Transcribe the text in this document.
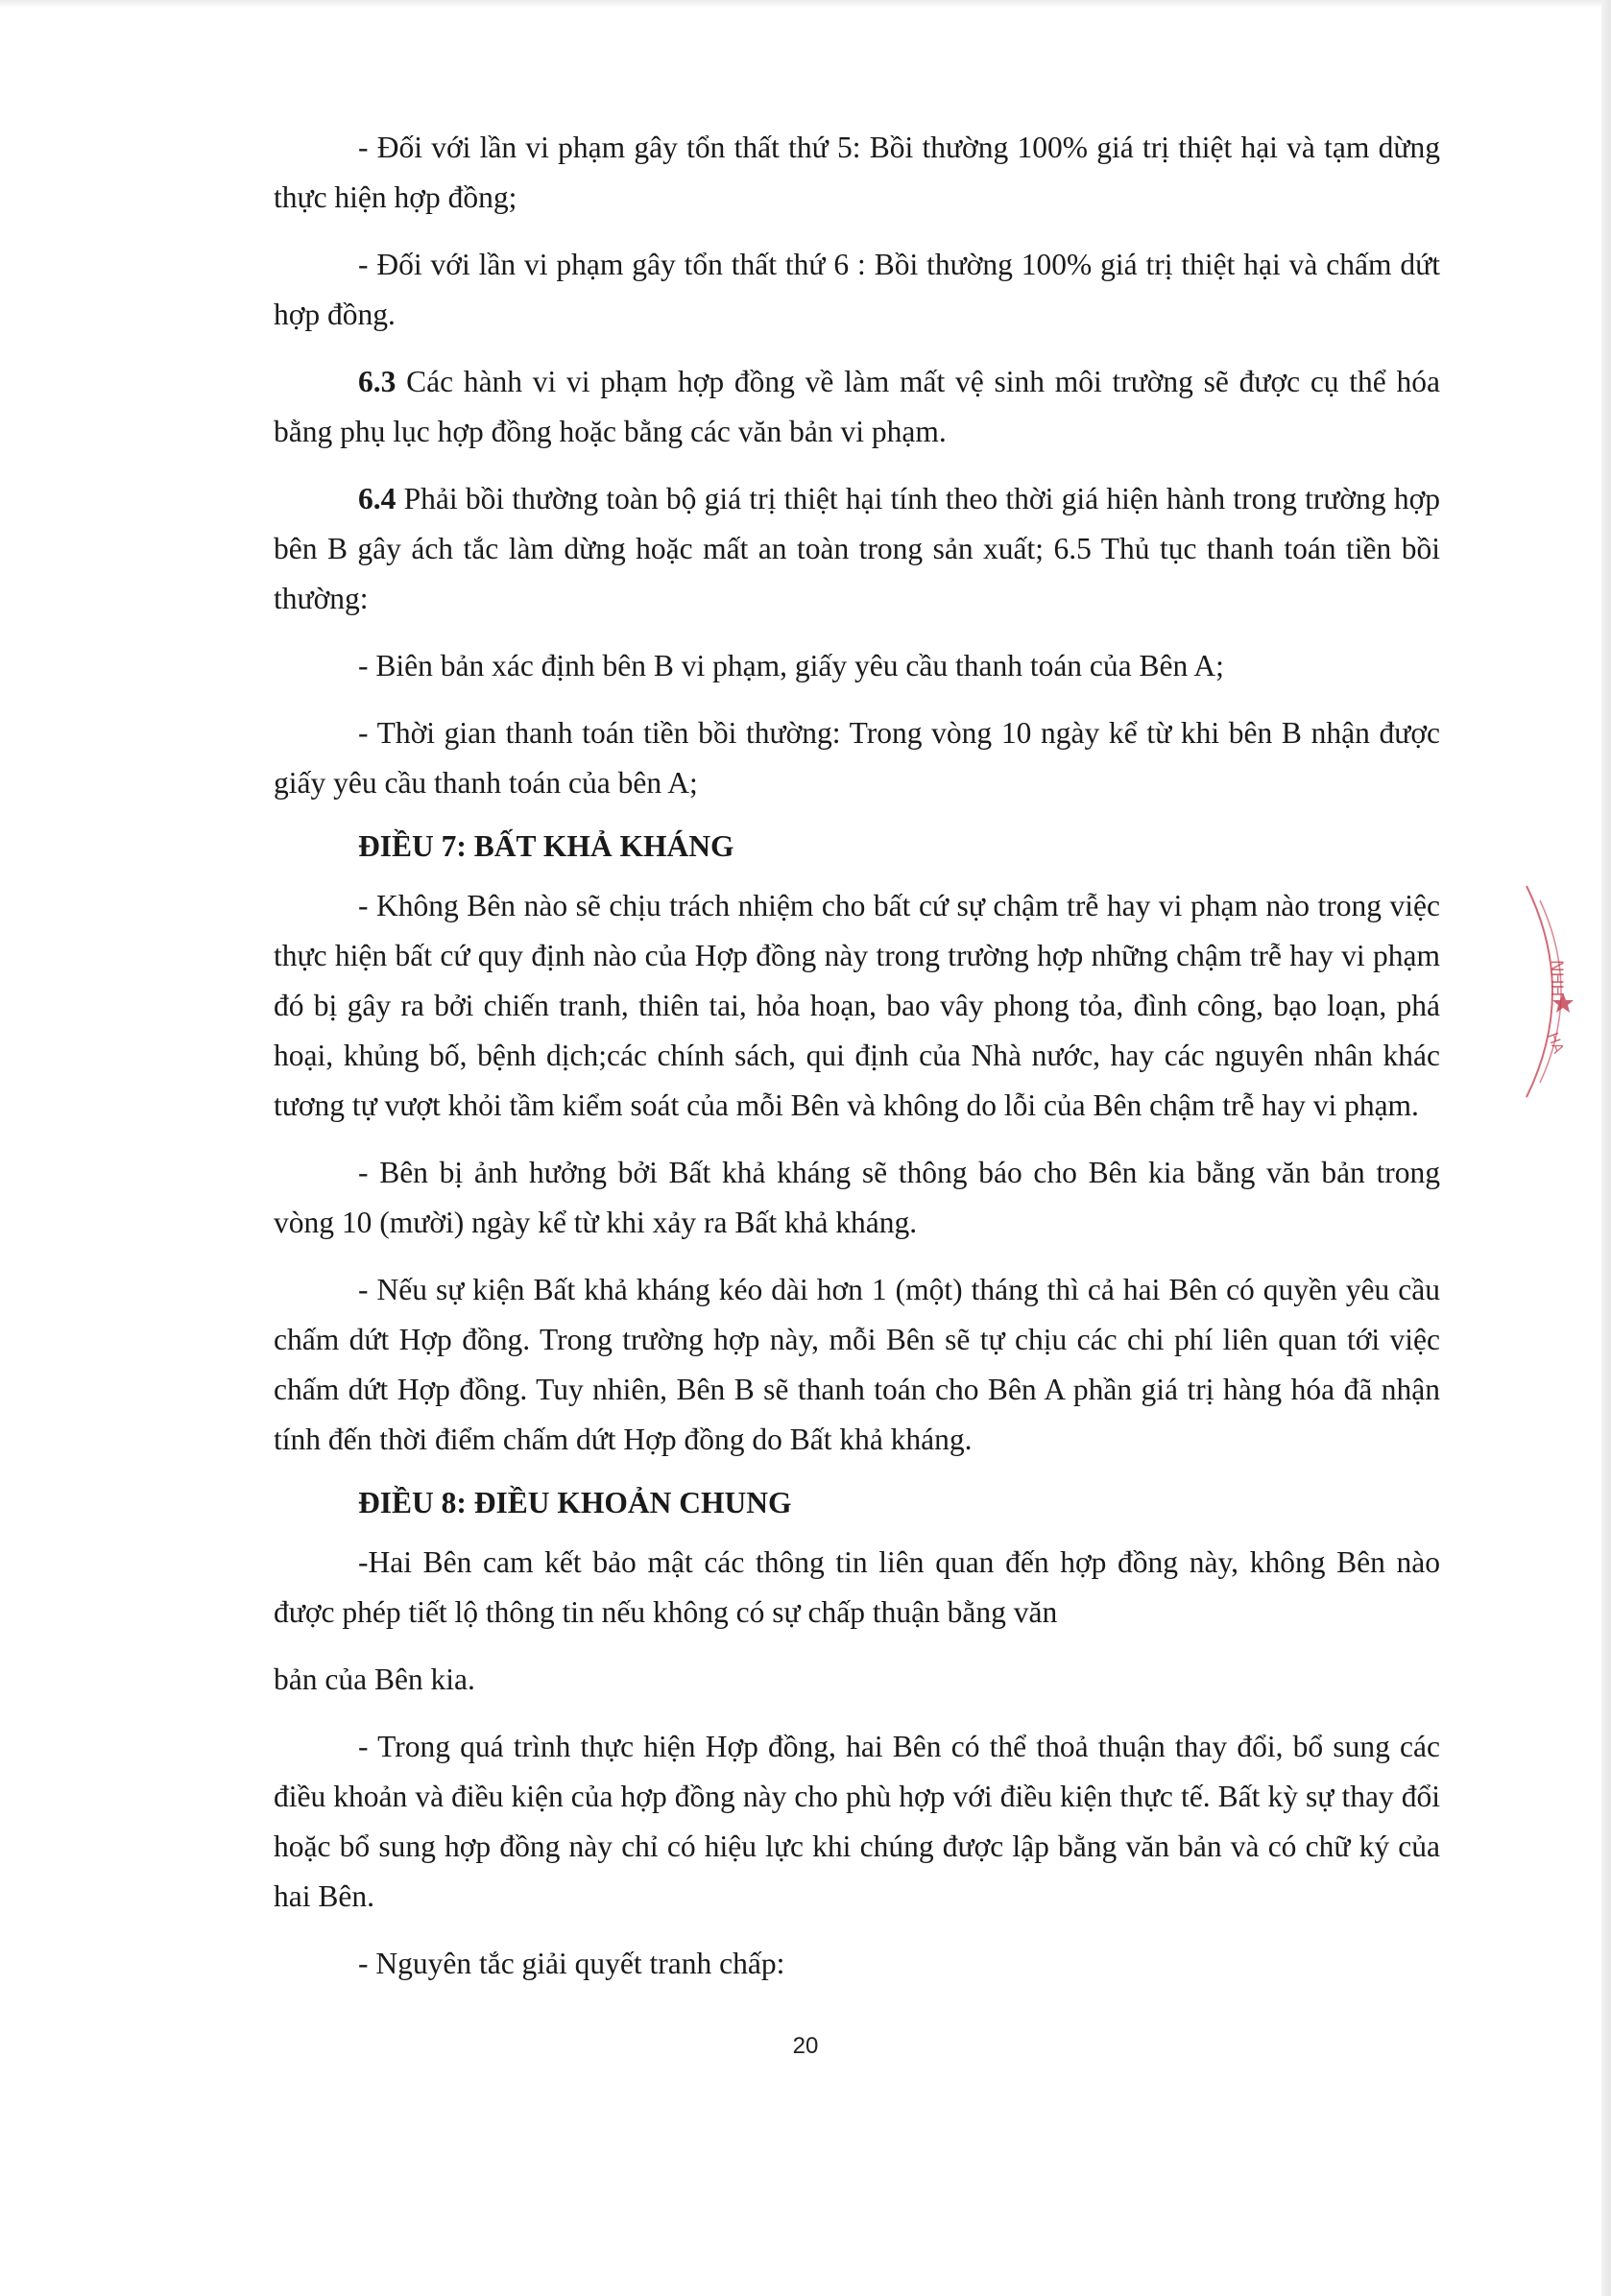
- Đối với lần vi phạm gây tổn thất thứ 5: Bồi thường 100% giá trị thiệt hại và tạm dừng thực hiện hợp đồng;

- Đối với lần vi phạm gây tổn thất thứ 6 : Bồi thường 100% giá trị thiệt hại và chấm dứt hợp đồng.

6.3 Các hành vi vi phạm hợp đồng về làm mất vệ sinh môi trường sẽ được cụ thể hóa bằng phụ lục hợp đồng hoặc bằng các văn bản vi phạm.

6.4 Phải bồi thường toàn bộ giá trị thiệt hại tính theo thời giá hiện hành trong trường hợp bên B gây ách tắc làm dừng hoặc mất an toàn trong sản xuất; 6.5 Thủ tục thanh toán tiền bồi thường:

- Biên bản xác định bên B vi phạm, giấy yêu cầu thanh toán của Bên A;

- Thời gian thanh toán tiền bồi thường: Trong vòng 10 ngày kể từ khi bên B nhận được giấy yêu cầu thanh toán của bên A;

ĐIỀU 7: BẤT KHẢ KHÁNG

- Không Bên nào sẽ chịu trách nhiệm cho bất cứ sự chậm trễ hay vi phạm nào trong việc thực hiện bất cứ quy định nào của Hợp đồng này trong trường hợp những chậm trễ hay vi phạm đó bị gây ra bởi chiến tranh, thiên tai, hỏa hoạn, bao vây phong tỏa, đình công, bạo loạn, phá hoại, khủng bố, bệnh dịch;các chính sách, qui định của Nhà nước, hay các nguyên nhân khác tương tự vượt khỏi tầm kiểm soát của mỗi Bên và không do lỗi của Bên chậm trễ hay vi phạm.

- Bên bị ảnh hưởng bởi Bất khả kháng sẽ thông báo cho Bên kia bằng văn bản trong vòng 10 (mười) ngày kể từ khi xảy ra Bất khả kháng.

- Nếu sự kiện Bất khả kháng kéo dài hơn 1 (một) tháng thì cả hai Bên có quyền yêu cầu chấm dứt Hợp đồng. Trong trường hợp này, mỗi Bên sẽ tự chịu các chi phí liên quan tới việc chấm dứt Hợp đồng. Tuy nhiên, Bên B sẽ thanh toán cho Bên A phần giá trị hàng hóa đã nhận tính đến thời điểm chấm dứt Hợp đồng do Bất khả kháng.

ĐIỀU 8: ĐIỀU KHOẢN CHUNG

-Hai Bên cam kết bảo mật các thông tin liên quan đến hợp đồng này, không Bên nào được phép tiết lộ thông tin nếu không có sự chấp thuận bằng văn

bản của Bên kia.

- Trong quá trình thực hiện Hợp đồng, hai Bên có thể thoả thuận thay đổi, bổ sung các điều khoản và điều kiện của hợp đồng này cho phù hợp với điều kiện thực tế. Bất kỳ sự thay đổi hoặc bổ sung hợp đồng này chỉ có hiệu lực khi chúng được lập bằng văn bản và có chữ ký của hai Bên.

- Nguyên tắc giải quyết tranh chấp:

20
NHH
HA
